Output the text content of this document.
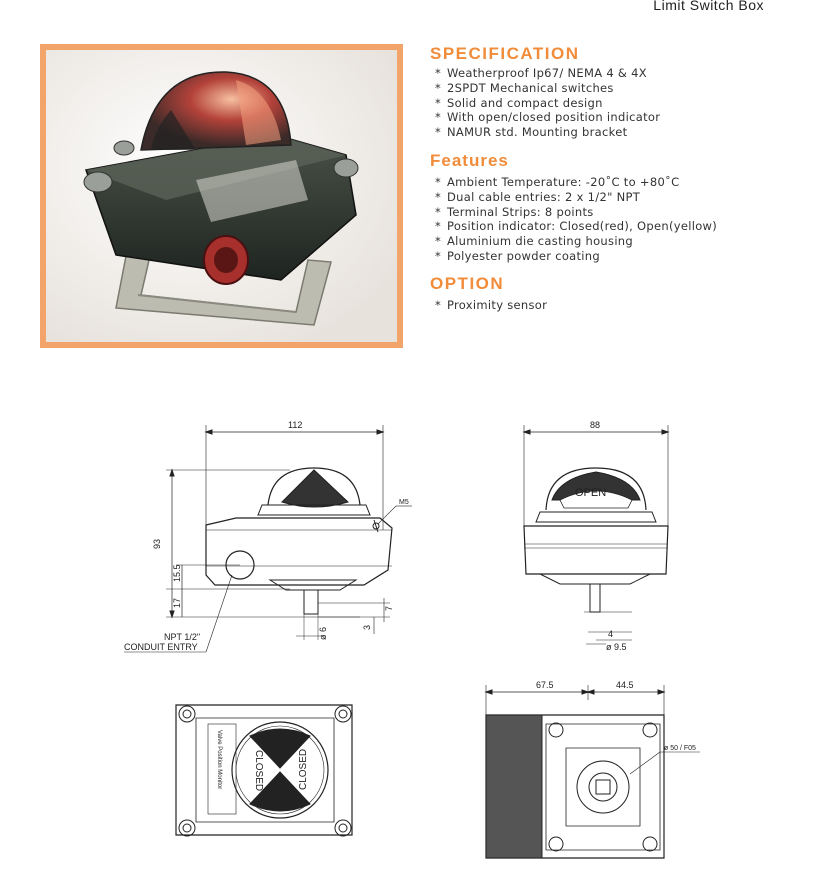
Limit Switch Box
SPECIFICATION
* Weatherproof Ip67/ NEMA 4 & 4X
* 2SPDT Mechanical switches
* Solid and compact design
* With open/closed position indicator
* NAMUR std. Mounting bracket
Features
* Ambient Temperature: -20˚C to +80˚C
* Dual cable entries: 2 x 1/2" NPT
* Terminal Strips: 8 points
* Position indicator: Closed(red), Open(yellow)
* Aluminium die casting housing
* Polyester powder coating
OPTION
* Proximity sensor
112
93
15.5
17
7
3
ø 6
M5
NPT 1/2"
CONDUIT ENTRY
88
OPEN
4
ø 9.5
CLOSED	CLOSED
Valve Position Monitor
67.5	44.5
ø 50 / F05
